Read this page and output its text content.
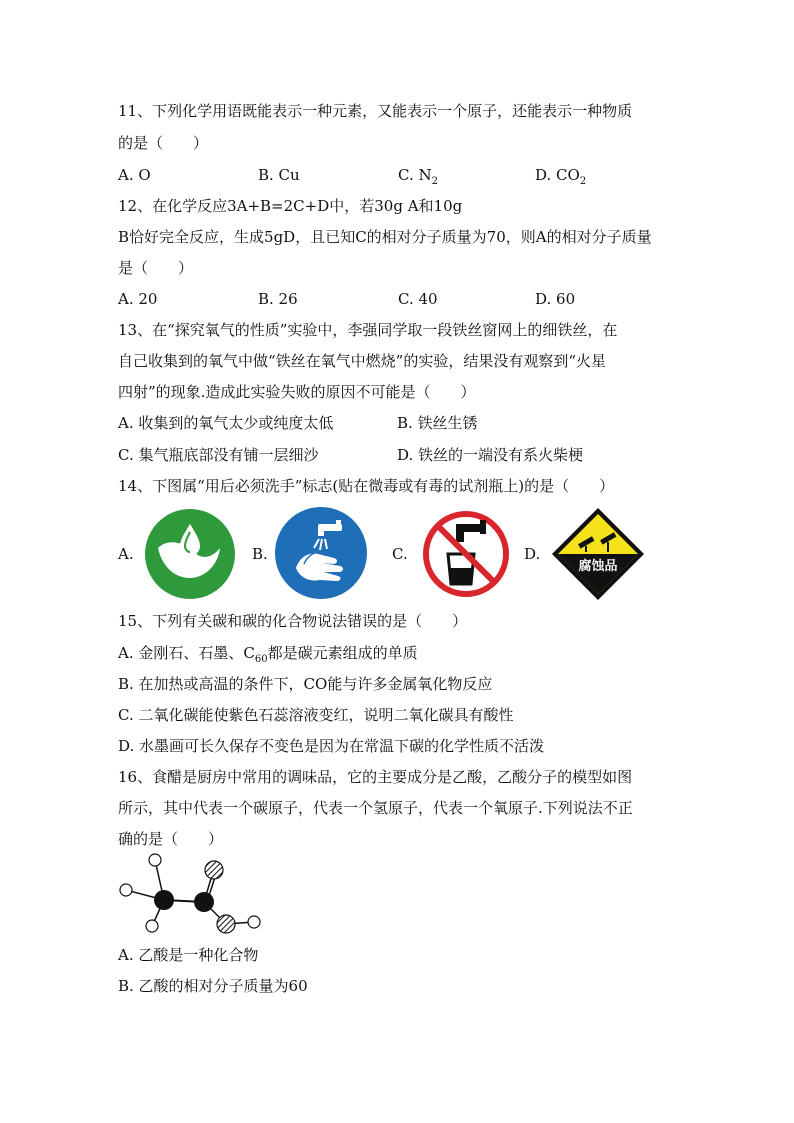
11、下列化学用语既能表示一种元素，又能表示一个原子，还能表示一种物质
的是（　　）
A. O	B. Cu	C. $N_2$	D. $CO_2$
12、在化学反应3A+B=2C+D中，若30g A和10g
B恰好完全反应，生成5gD，且已知C的相对分子质量为70，则A的相对分子质量
是（　　）
A. 20	B. 26	C. 40	D. 60
13、在“探究氧气的性质”实验中，李强同学取一段铁丝窗网上的细铁丝，在
自己收集到的氧气中做“铁丝在氧气中燃烧”的实验，结果没有观察到“火星
四射”的现象.造成此实验失败的原因不可能是（　　）
A. 收集到的氧气太少或纯度太低	B. 铁丝生锈
C. 集气瓶底部没有铺一层细沙	D. 铁丝的一端没有系火柴梗
14、下图属“用后必须洗手”标志(贴在微毒或有毒的试剂瓶上)的是（　　）
A.	B.	C.	D.
腐蚀品
15、下列有关碳和碳的化合物说法错误的是（　　）
A. 金刚石、石墨、$C_{60}$都是碳元素组成的单质
B. 在加热或高温的条件下，CO能与许多金属氧化物反应
C. 二氧化碳能使紫色石蕊溶液变红，说明二氧化碳具有酸性
D. 水墨画可长久保存不变色是因为在常温下碳的化学性质不活泼
16、食醋是厨房中常用的调味品，它的主要成分是乙酸，乙酸分子的模型如图
所示，其中代表一个碳原子，代表一个氢原子，代表一个氧原子.下列说法不正
确的是（　　）
A. 乙酸是一种化合物
B. 乙酸的相对分子质量为60
